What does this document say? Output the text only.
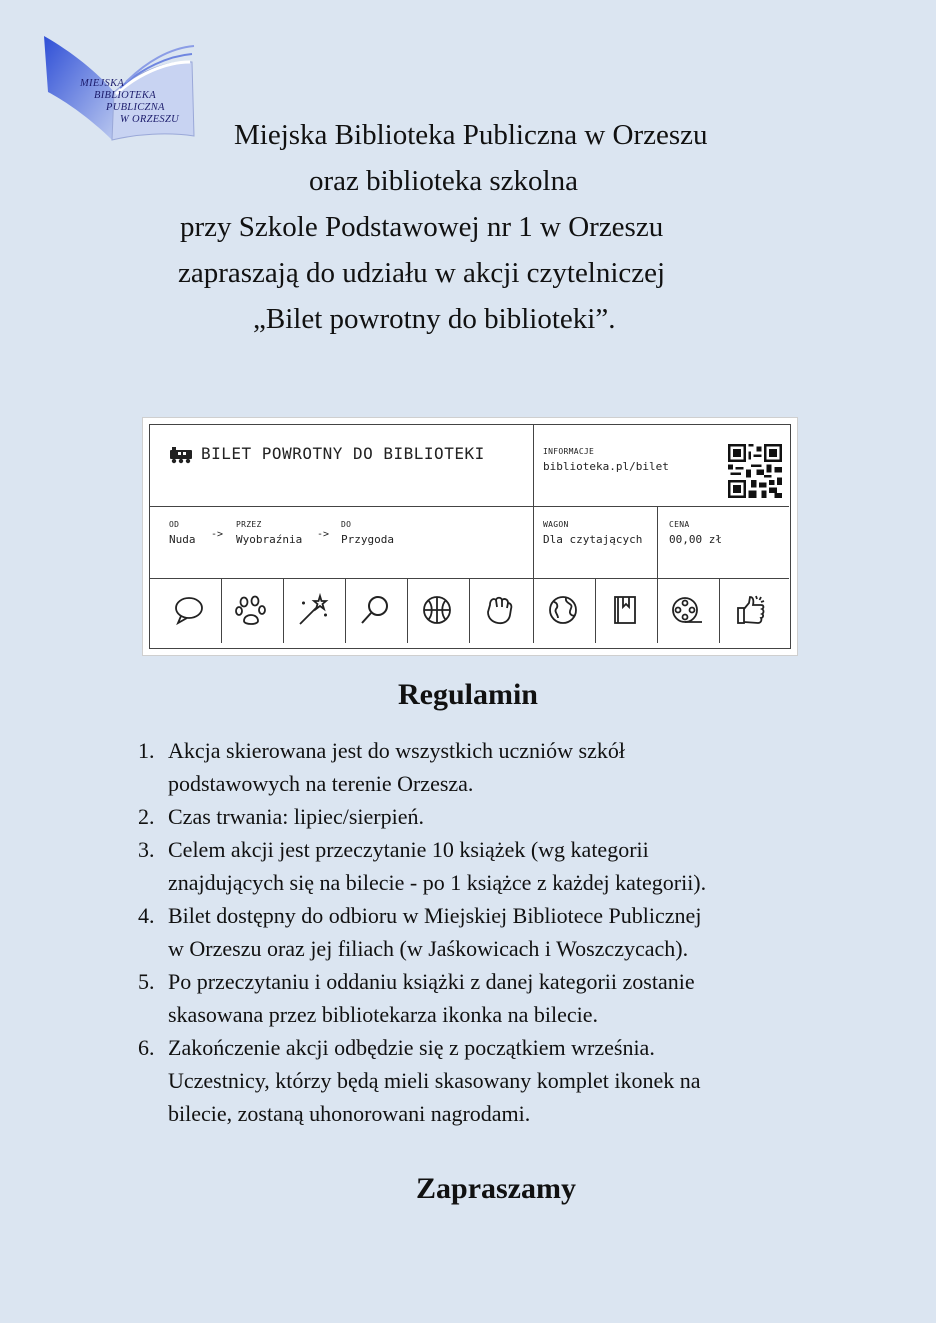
MIEJSKA
BIBLIOTEKA
PUBLICZNA
W ORZESZU Miejska Biblioteka Publiczna w Orzeszu
oraz biblioteka szkolna
przy Szkole Podstawowej nr 1 w Orzeszu
zapraszają do udziału w akcji czytelniczej
„Bilet powrotny do biblioteki”.
BILET POWROTNY DO BIBLIOTEKI	INFORMACJE
biblioteka.pl/bilet
OD
Nuda ->
PRZEZ
Wyobraźnia ->
DO
Przygoda
WAGON
Dla czytających
CENA
00,00 zł
Regulamin
1. Akcja skierowana jest do wszystkich uczniów szkół
podstawowych na terenie Orzesza.
2. Czas trwania: lipiec/sierpień.
3. Celem akcji jest przeczytanie 10 książek (wg kategorii
znajdujących się na bilecie - po 1 książce z każdej kategorii).
4. Bilet dostępny do odbioru w Miejskiej Bibliotece Publicznej
w Orzeszu oraz jej filiach (w Jaśkowicach i Woszczycach).
5. Po przeczytaniu i oddaniu książki z danej kategorii zostanie
skasowana przez bibliotekarza ikonka na bilecie.
6. Zakończenie akcji odbędzie się z początkiem września.
Uczestnicy, którzy będą mieli skasowany komplet ikonek na
bilecie, zostaną uhonorowani nagrodami.
Zapraszamy
